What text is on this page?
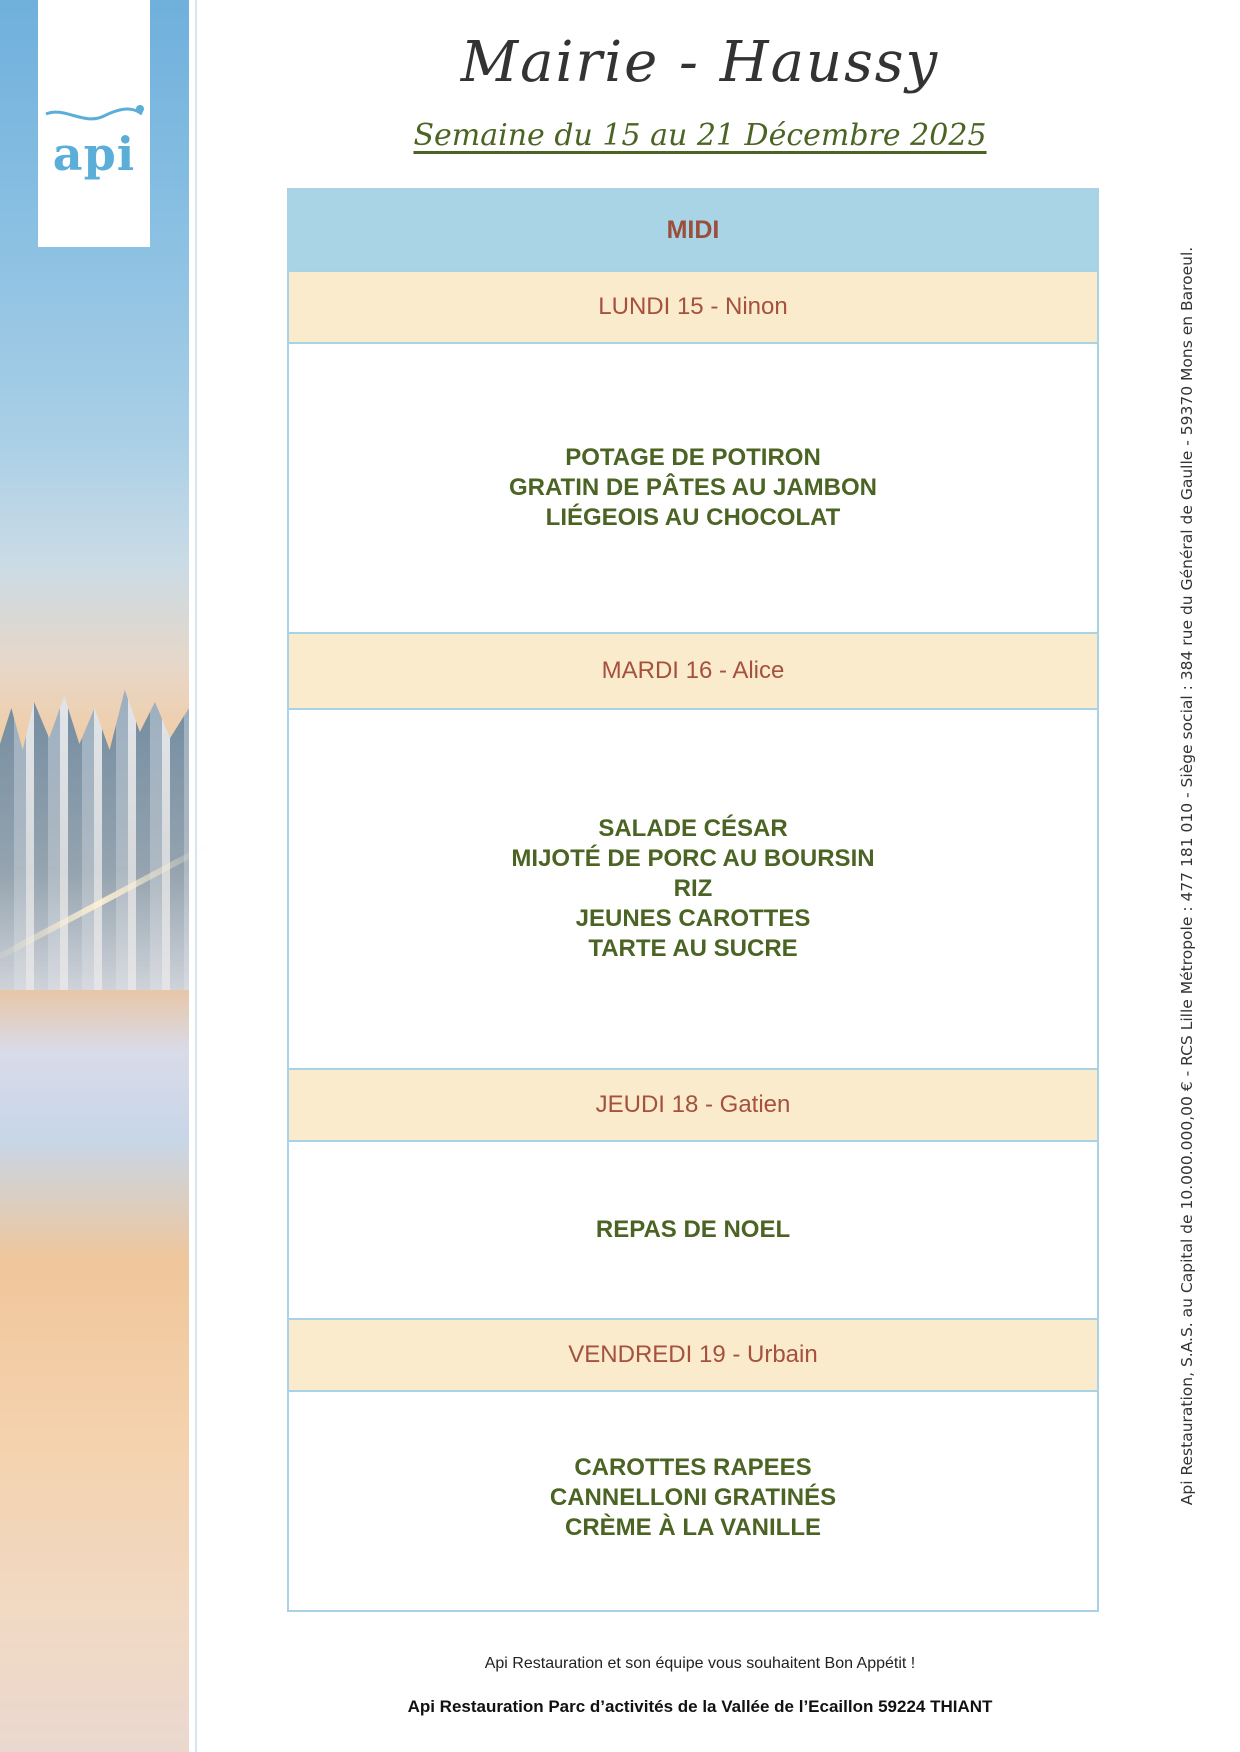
api
Mairie - Haussy
Semaine du 15 au 21 Décembre 2025
MIDI
LUNDI 15 - Ninon
POTAGE DE POTIRON
GRATIN DE PÂTES AU JAMBON
LIÉGEOIS AU CHOCOLAT
MARDI 16 - Alice
SALADE CÉSAR
MIJOTÉ DE PORC AU BOURSIN
RIZ
JEUNES CAROTTES
TARTE AU SUCRE
JEUDI 18 - Gatien
REPAS DE NOEL
VENDREDI 19 - Urbain
CAROTTES RAPEES
CANNELLONI GRATINÉS
CRÈME À LA VANILLE
Api Restauration, S.A.S. au Capital de 10.000.000,00 € - RCS Lille Métropole : 477 181 010 - Siège social : 384 rue du Général de Gaulle - 59370 Mons en Baroeul.
Api Restauration et son équipe vous souhaitent Bon Appétit !
Api Restauration Parc d’activités de la Vallée de l’Ecaillon 59224 THIANT
